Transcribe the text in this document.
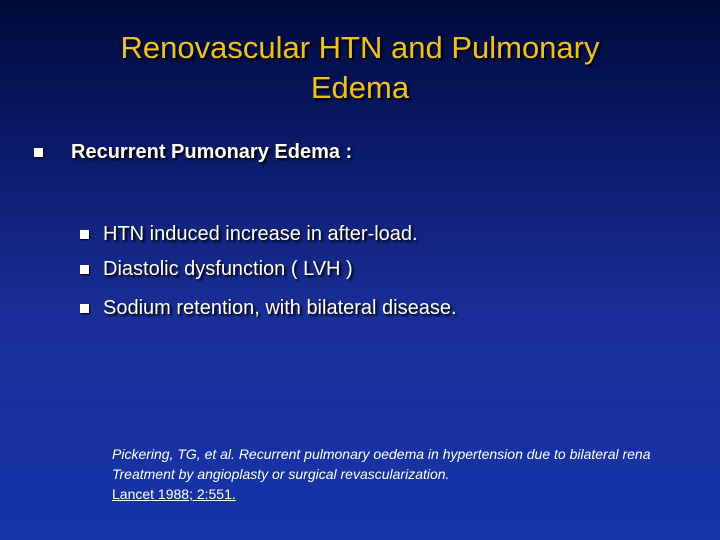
Renovascular HTN and Pulmonary
Edema
Recurrent Pumonary Edema :
HTN induced increase in after-load.
Diastolic dysfunction ( LVH )
Sodium retention, with bilateral disease.
Pickering, TG, et al. Recurrent pulmonary oedema in hypertension due to bilateral rena
Treatment by angioplasty or surgical revascularization.
Lancet 1988; 2:551.
